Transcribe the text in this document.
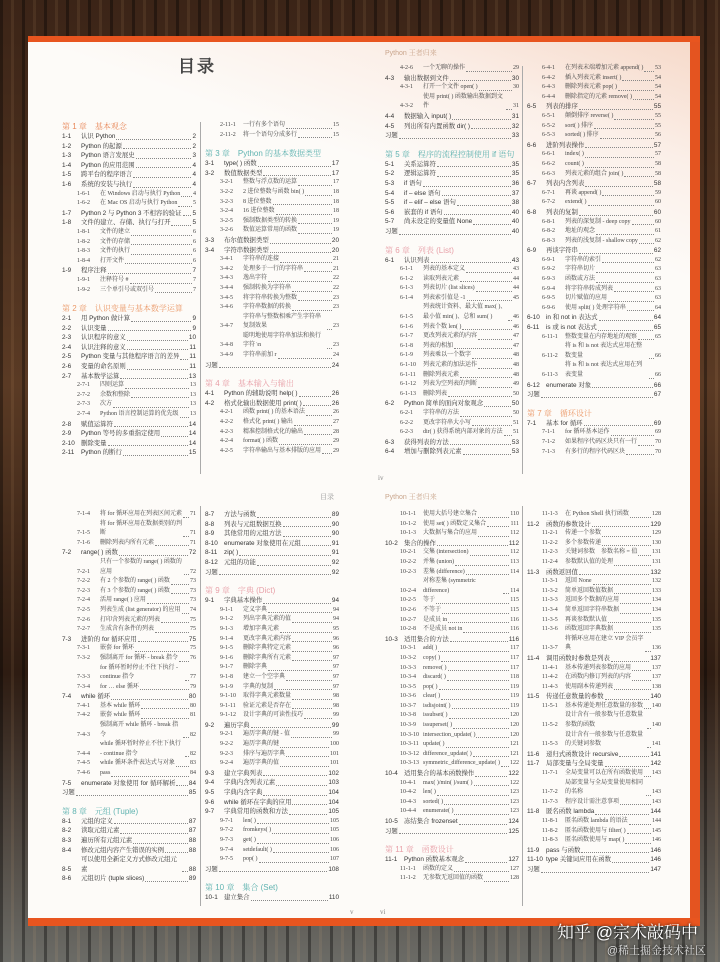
目录
Python 王者归来
第 1 章 基本观念
1-1	认识 Python	2
1-2	Python 的起源	2
1-3	Python 语言发展史	3
1-4	Python 的应用范围	4
1-5	跨平台的程序语言	4
1-6	系统的安装与执行	4
1-6-1	在 Windows 启动与执行 Python 4
1-6-2	在 Mac OS 启动与执行 Python	5
1-7	Python 2 与 Python 3 不相容的验证 5
1-8	文件的建立、存储、执行与打开	5
1-8-1	文件的建立	6
1-8-2	文件的存储	6
1-8-3	文件的执行	6
1-8-4	打开文件	6
1-9	程序注释	7
1-9-1	注释符号 #	7
1-9-2	三个单引号或双引号	7
第 2 章 认识变量与基本数学运算
2-1	用 Python 做计算	9
2-2	认识变量	9
2-3	认识程序的意义	10
2-4	认识注释的意义	11
2-5	Python 变量与其他程序语言的差异 11
2-6	变量的命名原则	11
2-7	基本数学运算	13
2-7-1	四则运算	13
2-7-2	余数和整除	13
2-7-3	次方	13
2-7-4	Python 语言控制运算的优先级 13
2-8	赋值运算符	14
2-9	Python 等号的多重指定使用	14
2-10 删除变量	14
2-11	Python 的断行	15
2-11-1	一行有多个语句	15
2-11-2	将一个语句分成多行	15
第 3 章 Python 的基本数据类型
3-1	type( ) 函数	17
3-2	数值数据类型	17
3-2-1	整数与浮点数的运算	17
3-2-2	2 进位整数与函数 bin( )	18
3-2-3	8 进位整数	18
3-2-4	16 进位整数	18
3-2-5	强制数据类型的转换	19
3-2-6	数值运算常用的函数	19
3-3	布尔值数据类型	20
3-4	字符串数据类型	20
3-4-1	字符串的连接	21
3-4-2	处理多于一行的字符串	21
3-4-3	逸出字符	22
3-4-4	强制转换为字符串	22
3-4-5	将字符串转换为整数	23
3-4-6	字符串数据的转换	23
3-4-7
字符串与整数相乘产生字符串复制效果	23
3-4-8
聪明地使用字符串加法和换行字符 \n	23
3-4-9	字符串前加 r	24
习题	24
第 4 章 基本输入与输出
4-1	Python 的辅助说明 help( )	26
4-2	格式化输出数据使用 print( )	26
4-2-1	函数 print( ) 的基本语法	26
4-2-2	格式化 print( ) 输出	27
4-2-3	精准控制格式化的输出	28
4-2-4	format( ) 函数	29
4-2-5	字符串输出与基本排版的应用 29
4-2-6	一个无聊的操作	29
4-3	输出数据到文件	30
4-3-1	打开一个文件 open( )	30
4-3-2
使用 print( ) 函数输出数据到文件	31
4-4	数据输入 input( )	31
4-5	列出所有内置函数 dir( )	32
习题	33
第 5 章 程序的流程控制使用 if 语句
5-1	关系运算符	35
5-2	逻辑运算符	35
5-3	if 语句	36
5-4	if – else 语句	37
5-5	if – elif – else 语句	38
5-6	嵌套的 if 语句	40
5-7	尚未设定的变量值 None	40
习题	40
第 6 章 列表 (List)
6-1	认识列表	43
6-1-1	列表的基本定义	43
6-1-2	读取列表元素	44
6-1-3	列表切片 (list slices)	44
6-1-4	列表索引值是 -1	45
6-1-5
列表统计资料、最大值 max( )、最小值 min( )、总和 sum( )	46
6-1-6	列表个数 len( )	46
6-1-7	更改列表元素的内容	47
6-1-8	列表的相加	47
6-1-9	列表乘以一个数字	48
6-1-10	列表元素的加法运作	48
6-1-11	删除列表元素	48
6-1-12	列表为空列表的判断	49
6-1-13	删除列表	50
6-2	Python 简单的面向对象观念	50
6-2-1	字符串的方法	50
6-2-2	更改字符串大小写	51
6-2-3	dir( ) 获得系统内部对象的方法 51
6-3	获得列表的方法	53
6-4	增加与删除列表元素	53
6-4-1	在列表末端增加元素 append( ) 53
6-4-2	插入列表元素 insert( )	54
6-4-3	删除列表元素 pop( )	54
6-4-4	删除指定的元素 remove( )	54
6-5	列表的排序	55
6-5-1	颠倒排序 reverse( )	55
6-5-2	sort( ) 排序	55
6-5-3	sorted( ) 排序	56
6-6	进阶列表操作	57
6-6-1	index( )	57
6-6-2	count( )	58
6-6-3	列表元素的组合 join( )	58
6-7	列表内含列表	58
6-7-1	再谈 append( )	59
6-7-2	extend( )	60
6-8	列表的复制	60
6-8-1	列表的深复制 - deep copy	60
6-8-2	地址的观念	61
6-8-3	列表的浅复制 - shallow copy	62
6-9	再谈字符串	62
6-9-1	字符串的索引	62
6-9-2	字符串切片	63
6-9-3	函数或方法	63
6-9-4	将字符串转成列表	63
6-9-5	切片赋值的应用	63
6-9-6	使用 split( ) 处理字符串	64
6-10 in 和 not in 表达式	64
6-11	is 或 is not 表达式	65
6-11-1	整数变量在内存地址的观察	65
6-11-2
将 is 和 is not 表达式应用在整数变量	66
6-11-3
将 is 和 is not 表达式应用在列表变量	66
6-12 enumerate 对象	66
习题	67
第 7 章 循环设计
7-1	基本 for 循环	69
7-1-1	for 循环基本运作	69
7-1-2	如果程序代码区块只有一行	70
7-1-3	有多行的程序代码区块	70
iv
目录	Python 王者归来
7-1-4	将 for 循环应用在列表区间元素 71
7-1-5
将 for 循环应用在数据类别的判断	71
7-1-6	删除列表内所有元素	71
7-2	range( ) 函数	72
7-2-1
只有一个参数的 range( ) 函数的应用	72
7-2-2	有 2 个参数的 range( ) 函数	73
7-2-3	有 3 个参数的 range( ) 函数	73
7-2-4	活用 range( ) 应用	73
7-2-5	列表生成 (list generator) 的应用 74
7-2-6	打印含列表元素的列表	75
7-2-7	生成含有条件的列表	75
7-3	进阶的 for 循环应用	75
7-3-1	嵌套 for 循环	75
7-3-2	强制离开 for 循环 - break 指令 76
7-3-3
for 循环暂时停止不往下执行 - continue 指令	77
7-3-4	for … else 循环	79
7-4	while 循环	80
7-4-1	基本 while 循环	80
7-4-2	嵌套 while 循环	81
7-4-3
强制离开 while 循环 - break 指令	82
7-4-4
while 循环暂时停止不往下执行 - continue 指令	82
7-4-5	while 循环条件表达式与对象	83
7-4-6	pass	84
7-5	enumerate 对象使用 for 循环解析 84
习题	85
第 8 章 元组 (Tuple)
8-1	元组的定义	87
8-2	读取元组元素	87
8-3	遍历所有元组元素	88
8-4	修改元组内容产生错误的实例	88
8-5
可以使用全新定义方式修改元组元素	88
8-6	元组切片 (tuple slices)	89
8-7	方法与函数	89
8-8	列表与元组数据互换	90
8-9	其他常用的元组方法	90
8-10 enumerate 对象使用在元组	91
8-11	zip( )	91
8-12 元组的功能	92
习题	92
第 9 章 字典 (Dict)
9-1	字典基本操作	94
9-1-1	定义字典	94
9-1-2	列出字典元素的值	94
9-1-3	增加字典元素	95
9-1-4	更改字典元素内容	96
9-1-5	删除字典特定元素	96
9-1-6	删除字典所有元素	97
9-1-7	删除字典	97
9-1-8	建立一个空字典	97
9-1-9	字典的复制	97
9-1-10	取得字典元素数量	98
9-1-11	验证元素是否存在	98
9-1-12	设计字典的可读性技巧	99
9-2	遍历字典	99
9-2-1	遍历字典的键 - 值	99
9-2-2	遍历字典的键	100
9-2-3	排序与遍历字典	101
9-2-4	遍历字典的值	101
9-3	建立字典列表	102
9-4	字典内含列表元素	103
9-5	字典内含字典	104
9-6	while 循环在字典的应用	104
9-7	字典常用的函数和方法	105
9-7-1	len( )	105
9-7-2	fromkeys( )	105
9-7-3	get( )	106
9-7-4	setdefault( )	106
9-7-5	pop( )	107
习题	108
第 10 章 集合 (Set)
10-1 建立集合	110
10-1-1	使用大括号建立集合	110
10-1-2	使用 set( ) 函数定义集合	111
10-1-3	大数据与集合的应用	112
10-2 集合的操作	112
10-2-1	交集 (intersection)	112
10-2-2	并集 (union)	113
10-2-3	差集 (difference)	114
10-2-4
对称差集 (symmetric difference)	114
10-2-5	等于	115
10-2-6	不等于	115
10-2-7	是成员 in	116
10-2-8	不是成员 not in	116
10-3 适用集合的方法	116
10-3-1	add( )	117
10-3-2	copy( )	117
10-3-3	remove( )	117
10-3-4	discard( )	118
10-3-5	pop( )	119
10-3-6	clear( )	119
10-3-7	isdisjoint( )	119
10-3-8	issubset( )	120
10-3-9	issuperset( )	120
10-3-10 intersection_update( )	120
10-3-11 update( )	121
10-3-12 difference_update( )	121
10-3-13 symmetric_difference_update( ) 122
10-4 适用集合的基本函数操作	122
10-4-1	max( )/min( )/sum( )	122
10-4-2	len( )	123
10-4-3	sorted( )	123
10-4-4	enumerate( )	123
10-5 冻结集合 frozenset	124
习题	125
第 11 章 函数设计
11-1	Python 函数基本观念	127
11-1-1	函数的定义	127
11-1-2	无参数无返回值的函数	128
11-1-3	在 Python Shell 执行函数	128
11-2	函数的参数设计	129
11-2-1	传递一个参数	129
11-2-2	多个参数传递	130
11-2-3	关键词参数　参数名称 = 值 131
11-2-4	参数默认值的处理	131
11-3	函数返回值	132
11-3-1	返回 None	132
11-3-2	简单返回数值数据	133
11-3-3	返回多个数据的应用	134
11-3-4	简单返回字符串数据	134
11-3-5	再谈参数默认值	135
11-3-6	函数返回字典数据	135
11-3-7
将循环应用在建立 VIP 会员字典	136
11-4	调用函数时参数是列表	137
11-4-1	基本传递列表参数的应用	137
11-4-2	在函数内修订列表的内容	137
11-4-3	使用副本传递列表	138
11-5	传递任意数量的参数	140
11-5-1	基本传递处理任意数量的参数 140
11-5-2
设计含有一般参数与任意数量参数的函数	140
11-5-3
设计含有一般参数与任意数量的关键词参数	141
11-6	递归式函数设计 recursive	141
11-7	局部变量与全局变量	142
11-7-1	全局变量可以在所有函数使用 143
11-7-2
局部变量与全局变量使用相同的名称	143
11-7-3	程序设计需注意事项	143
11-8	匿名函数 lambda	144
11-8-1	匿名函数 lambda 的语法	144
11-8-2	匿名函数使用与 filter( )	145
11-8-3	匿名函数使用与 map( )	146
11-9	pass 与函数	146
11-10 type 关键词应用在函数	146
习题	147
v	vi
知乎 @宗术敲码中
@稀土掘金技术社区
